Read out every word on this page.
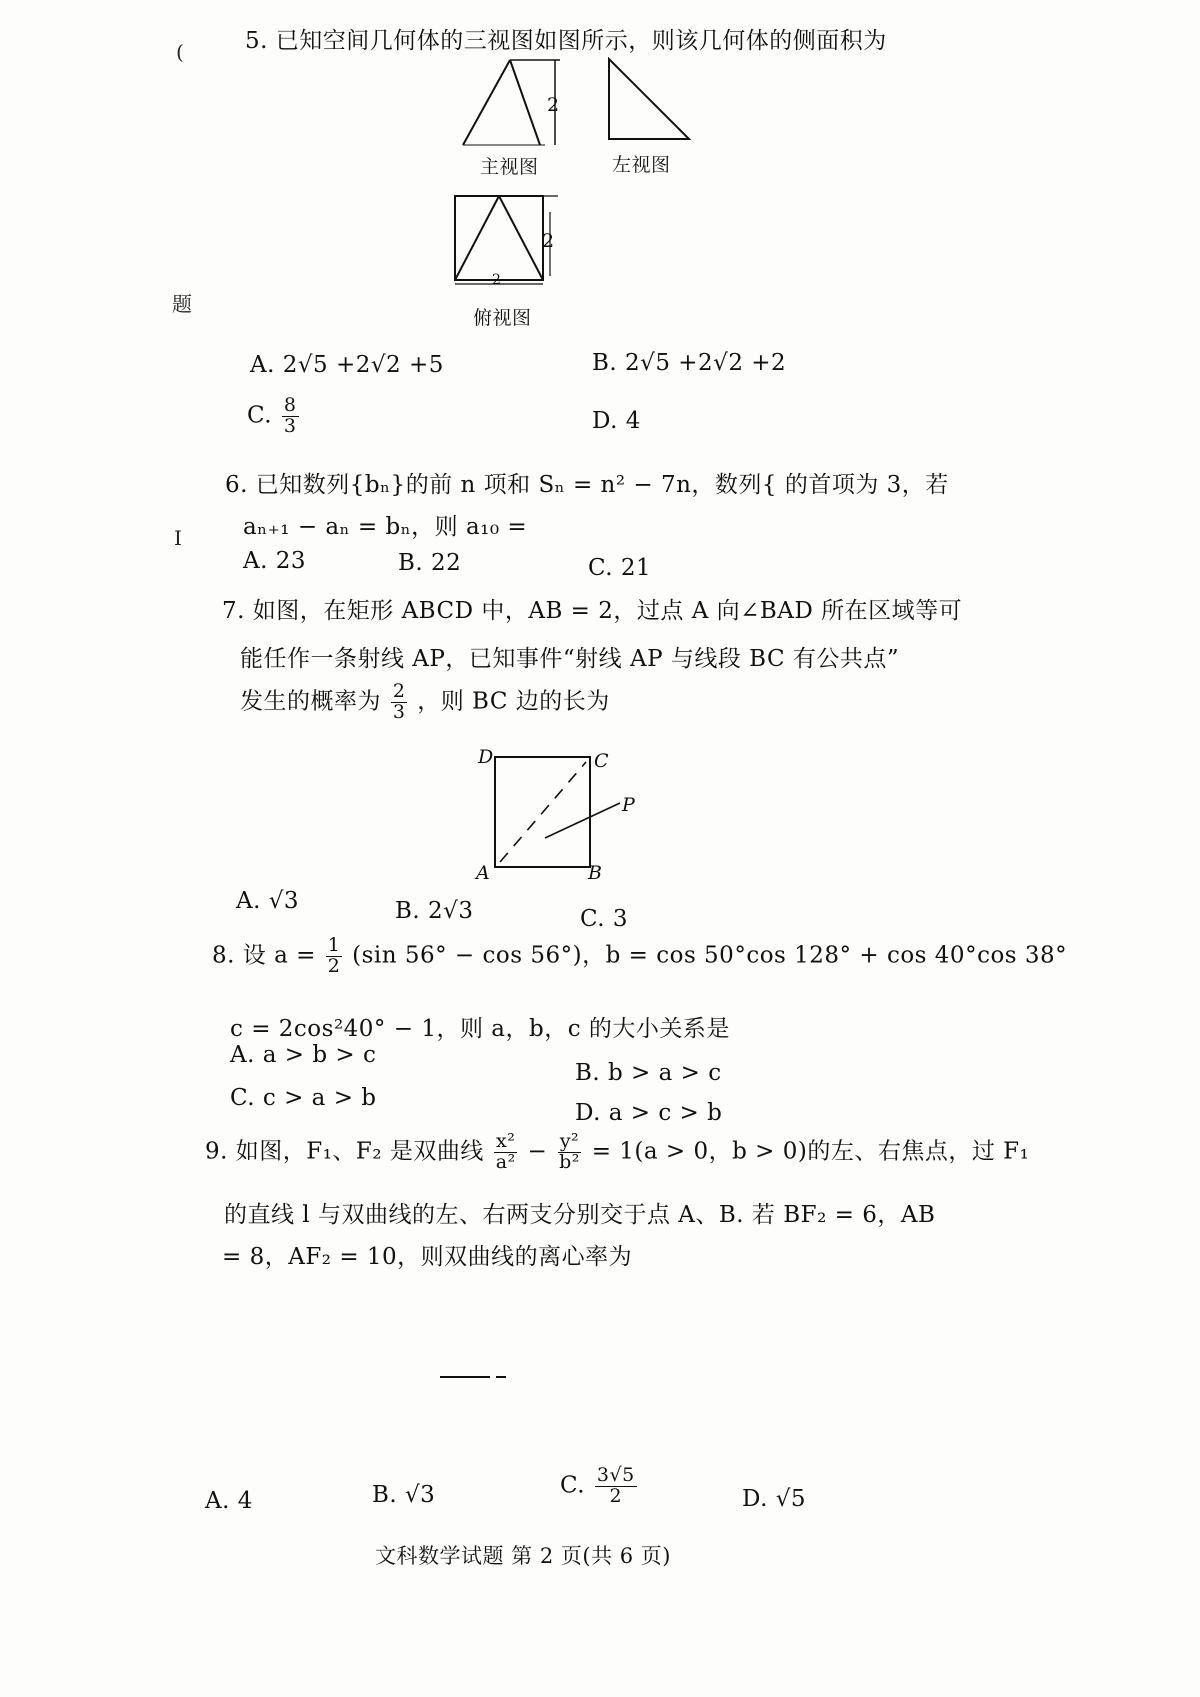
(
题
I
5. 已知空间几何体的三视图如图所示，则该几何体的侧面积为
2
主视图	左视图
2
2
俯视图
A. 2√5 +2√2 +5	B. 2√5 +2√2 +2
C. $\frac{8}{3}$	D. 4
6. 已知数列{bₙ}的前 n 项和 Sₙ = n² − 7n，数列{ 的首项为 3，若
aₙ₊₁ − aₙ = bₙ，则 a₁₀ =
A. 23	B. 22	C. 21
7. 如图，在矩形 ABCD 中，AB = 2，过点 A 向∠BAD 所在区域等可
能任作一条射线 AP，已知事件“射线 AP 与线段 BC 有公共点”
发生的概率为 $\frac{2}{3}$ ，则 BC 边的长为
D	C
P
A	B
A. √3	B. 2√3	C. 3
8. 设 $a = \frac{1}{2} (\sin$ 56° − cos 56°)，b = cos 50°cos 128° + cos 40°cos 38°
c = 2cos²40° − 1，则 a，b，c 的大小关系是
A. a > b > c
B. b > a > c
C. c > a > b
D. a > c > b
9. 如图，F₁、F₂ 是双曲线 $\frac{\text{x²}}{\text{a²}} - \frac{\text{y²}}{\text{b²}} = 1(a > 0$，b > 0)的左、右焦点，过 F₁
的直线 l 与双曲线的左、右两支分别交于点 A、B. 若 BF₂ = 6，AB
= 8，AF₂ = 10，则双曲线的离心率为
A. 4	B. √3	C. $\frac{3√5}{2}$	D. √5
文科数学试题 第 2 页(共 6 页)
